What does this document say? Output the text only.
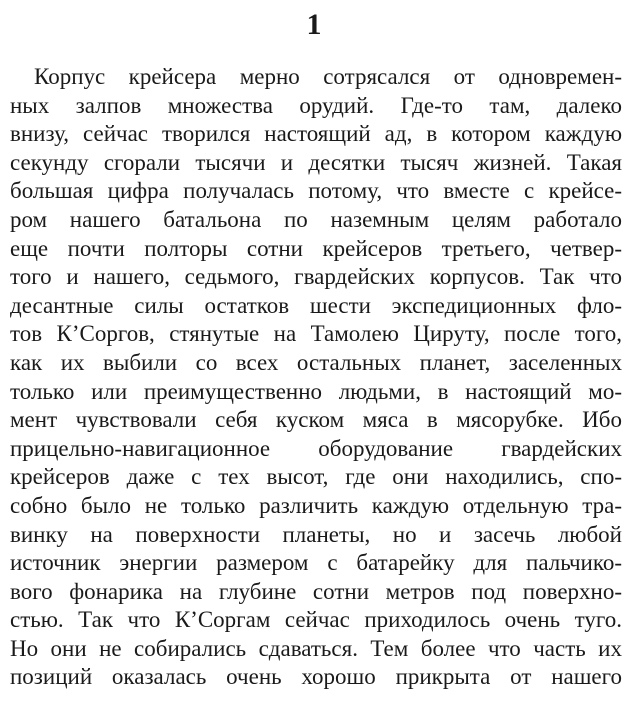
1
Корпус крейсера мерно сотрясался от одновремен-
ных залпов множества орудий. Где-то там, далеко
внизу, сейчас творился настоящий ад, в котором каждую
секунду сгорали тысячи и десятки тысяч жизней. Такая
большая цифра получалась потому, что вместе с крейсе-
ром нашего батальона по наземным целям работало
еще почти полторы сотни крейсеров третьего, четвер-
того и нашего, седьмого, гвардейских корпусов. Так что
десантные силы остатков шести экспедиционных фло-
тов К’Соргов, стянутые на Тамолею Цируту, после того,
как их выбили со всех остальных планет, заселенных
только или преимущественно людьми, в настоящий мо-
мент чувствовали себя куском мяса в мясорубке. Ибо
прицельно-навигационное оборудование гвардейских
крейсеров даже с тех высот, где они находились, спо-
собно было не только различить каждую отдельную тра-
винку на поверхности планеты, но и засечь любой
источник энергии размером с батарейку для пальчико-
вого фонарика на глубине сотни метров под поверхно-
стью. Так что К’Соргам сейчас приходилось очень туго.
Но они не собирались сдаваться. Тем более что часть их
позиций оказалась очень хорошо прикрыта от нашего
